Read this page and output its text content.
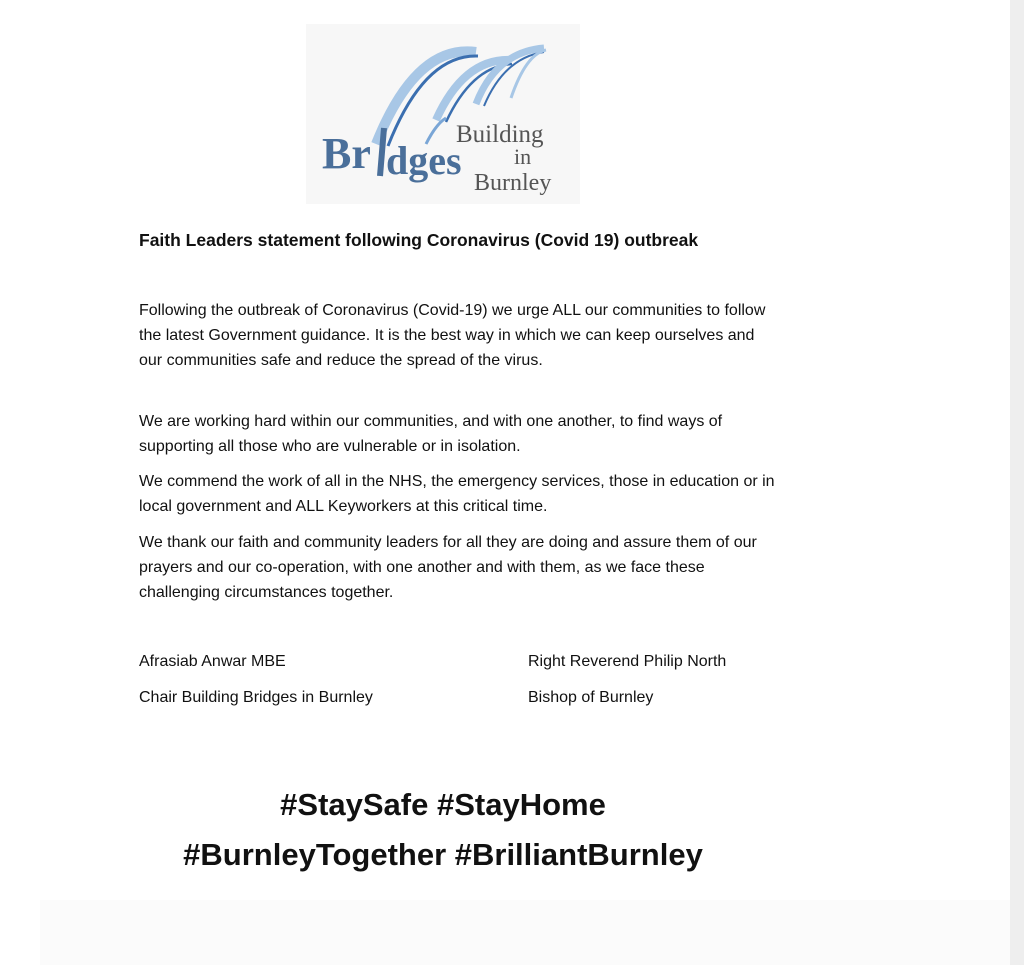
Br dges
Building
in
Burnley
Faith Leaders statement following Coronavirus (Covid 19) outbreak

Following the outbreak of Coronavirus (Covid-19) we urge ALL our communities to follow the latest Government guidance. It is the best way in which we can keep ourselves and our communities safe and reduce the spread of the virus.

We are working hard within our communities, and with one another, to find ways of supporting all those who are vulnerable or in isolation.

We commend the work of all in the NHS, the emergency services, those in education or in local government and ALL Keyworkers at this critical time.

We thank our faith and community leaders for all they are doing and assure them of our prayers and our co-operation, with one another and with them, as we face these challenging circumstances together.

Afrasiab Anwar MBE
Chair Building Bridges in Burnley
Right Reverend Philip North
Bishop of Burnley
#StaySafe #StayHome
#BurnleyTogether #BrilliantBurnley
